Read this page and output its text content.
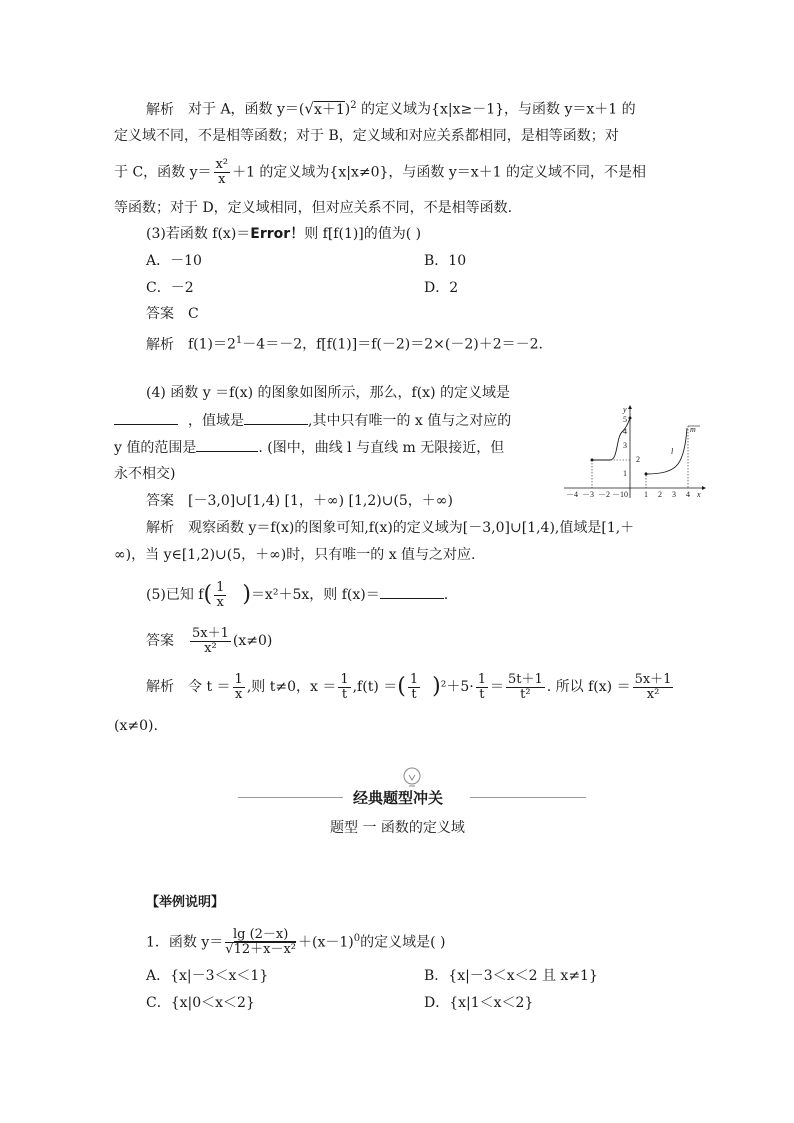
解析 对于 A，函数 $y=(√x+1)^2$ 的定义域为{x|x≥－1}，与函数 y＝x＋1 的
定义域不同，不是相等函数；对于 B，定义域和对应关系都相同，是相等函数；对
于 C，函数 $y= \frac{\text{x²}}{x} +1$ 的定义域为{x|x≠0}，与函数 y＝x＋1 的定义域不同，不是相
等函数；对于 D，定义域相同，但对应关系不同，不是相等函数.
(3)若函数 f(x)＝Error！则 f[f(1)]的值为( )
A．－10	B．10
C．－2	D．2
答案 C
解析 $f(1)=2^1-4=-2$，f[f(1)]＝f(－2)＝2×(－2)＋2＝－2.
(4) 函数 y ＝f(x) 的图象如图所示，那么，f(x) 的定义域是
，值域是	,其中只有唯一的 x 值与之对应的
y 值的范围是	. (图中，曲线 l 与直线 m 无限接近，但
永不相交)
答案 [－3,0]∪[1,4) [1，＋∞) [1,2)∪(5，＋∞)
解析 观察函数 y＝f(x)的图象可知,f(x)的定义域为[－3,0]∪[1,4),值域是[1,＋
∞)，当 y∈[1,2)∪(5，＋∞)时，只有唯一的 x 值与之对应.
x
y
－4 －3 －2 －1 0 1 2 3 4
1
2
3
4
5
l
m
(5)已知 $f( \frac{1}{x} )=x^2+5x$，则 f(x)＝	.
答案 $\frac{5x+1}{\text{x²}} (x\ne 0)$
解析 令 $t = \frac{1}{x}$ ,则 t≠0，$x = \frac{1}{t} ,f(t)$ ＝( $\frac{1}{t} )^2+5\cdot \frac{1}{t} = \frac{5t+1}{\text{t²}}$ . 所以 $f(x) = \frac{5x+1}{\text{x²}}$
(x≠0).
经典题型冲关
题型 一 函数的定义域
【举例说明】
1．函数 $y= \frac{\lg (2-x)}{\text{√12＋x－x²}} +(x-1)^0$的定义域是( )
A．{x|－3＜x＜1}	B．{x|－3＜x＜2 且 x≠1}
C．{x|0＜x＜2}	D．{x|1＜x＜2}
